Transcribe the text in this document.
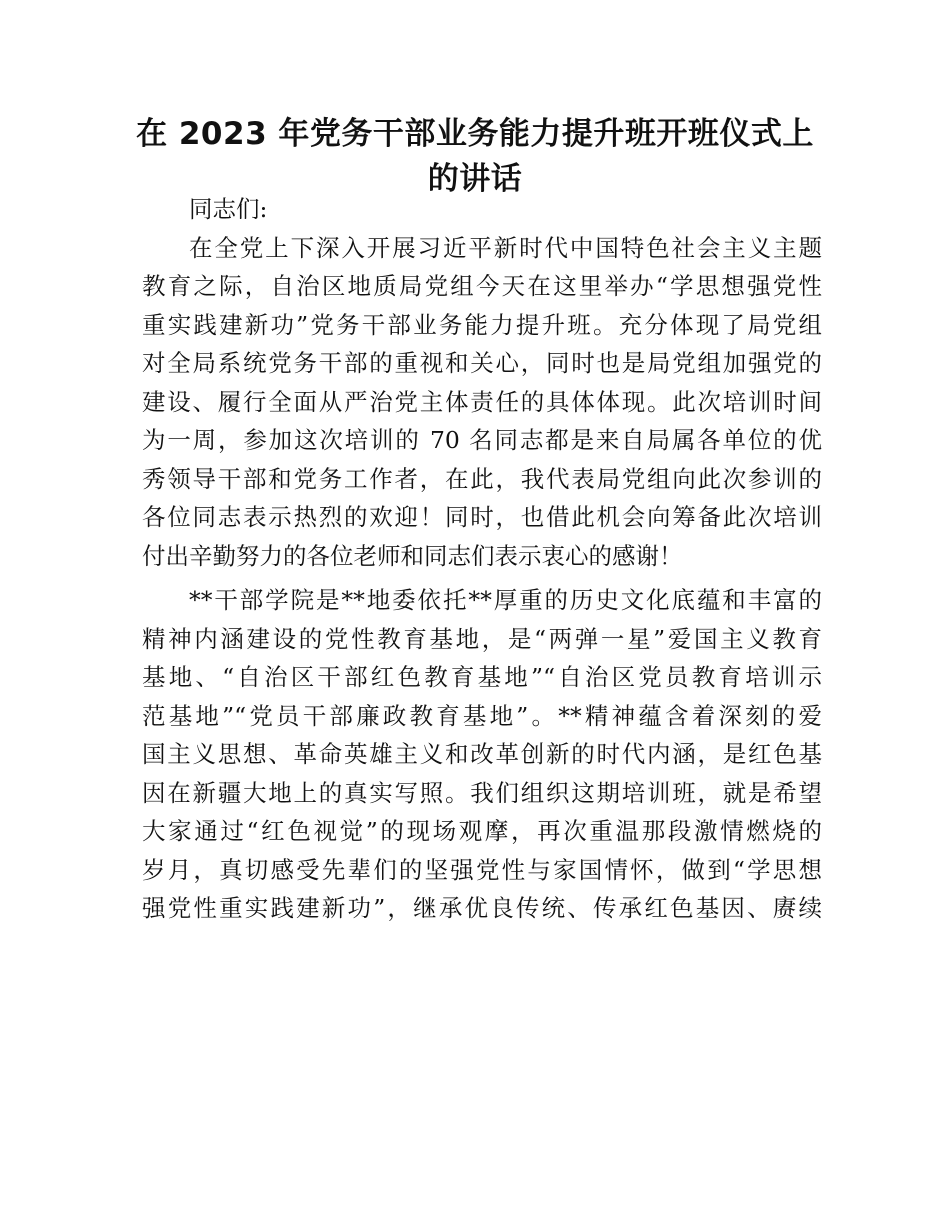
在 2023 年党务干部业务能力提升班开班仪式上
的讲话
同志们:

在全党上下深入开展习近平新时代中国特色社会主义主题
教育之际，自治区地质局党组今天在这里举办“学思想强党性
重实践建新功”党务干部业务能力提升班。充分体现了局党组
对全局系统党务干部的重视和关心，同时也是局党组加强党的
建设、履行全面从严治党主体责任的具体体现。此次培训时间
为一周，参加这次培训的 70 名同志都是来自局属各单位的优
秀领导干部和党务工作者，在此，我代表局党组向此次参训的
各位同志表示热烈的欢迎！同时，也借此机会向筹备此次培训
付出辛勤努力的各位老师和同志们表示衷心的感谢！

**干部学院是**地委依托**厚重的历史文化底蕴和丰富的
精神内涵建设的党性教育基地，是“两弹一星”爱国主义教育
基地、“自治区干部红色教育基地”“自治区党员教育培训示
范基地”“党员干部廉政教育基地”。**精神蕴含着深刻的爱
国主义思想、革命英雄主义和改革创新的时代内涵，是红色基
因在新疆大地上的真实写照。我们组织这期培训班，就是希望
大家通过“红色视觉”的现场观摩，再次重温那段激情燃烧的
岁月，真切感受先辈们的坚强党性与家国情怀，做到“学思想
强党性重实践建新功”，继承优良传统、传承红色基因、赓续
